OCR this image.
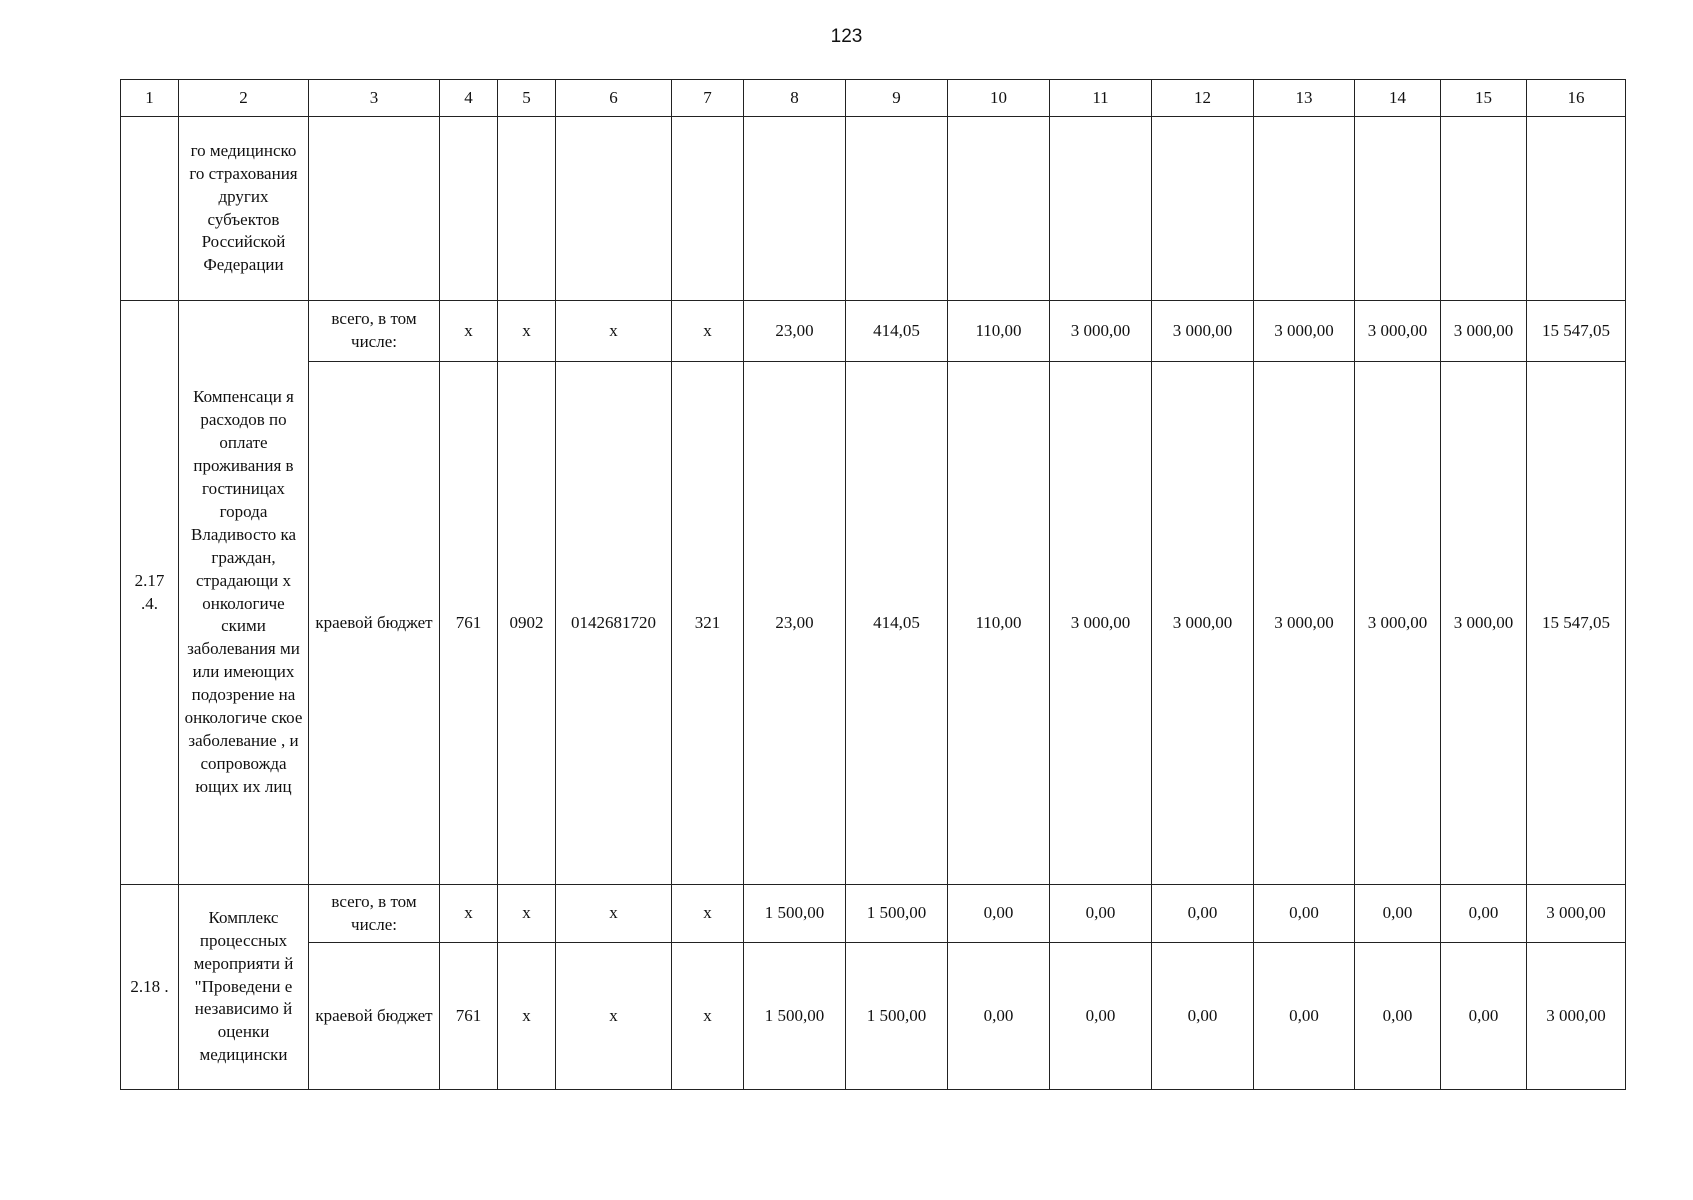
123
1	2	3	4	5	6	7	8	9	10	11	12	13	14	15	16
	го медицинско го страхования других субъектов Российской Федерации														
2.17 .4.	Компенсаци я расходов по оплате проживания в гостиницах города Владивосто ка граждан, страдающи х онкологиче скими заболевания ми или имеющих подозрение на онкологиче ское заболевание , и сопровожда ющих их лиц	всего, в том числе:	x	x	x	x	23,00	414,05	110,00	3 000,00	3 000,00	3 000,00	3 000,00	3 000,00	15 547,05
		краевой бюджет	761	0902	0142681720	321	23,00	414,05	110,00	3 000,00	3 000,00	3 000,00	3 000,00	3 000,00	15 547,05
2.18 .	Комплекс процессных мероприяти й "Проведени е независимо й оценки медицински	всего, в том числе:	x	x	x	x	1 500,00	1 500,00	0,00	0,00	0,00	0,00	0,00	0,00	3 000,00
		краевой бюджет	761	x	x	x	1 500,00	1 500,00	0,00	0,00	0,00	0,00	0,00	0,00	3 000,00
